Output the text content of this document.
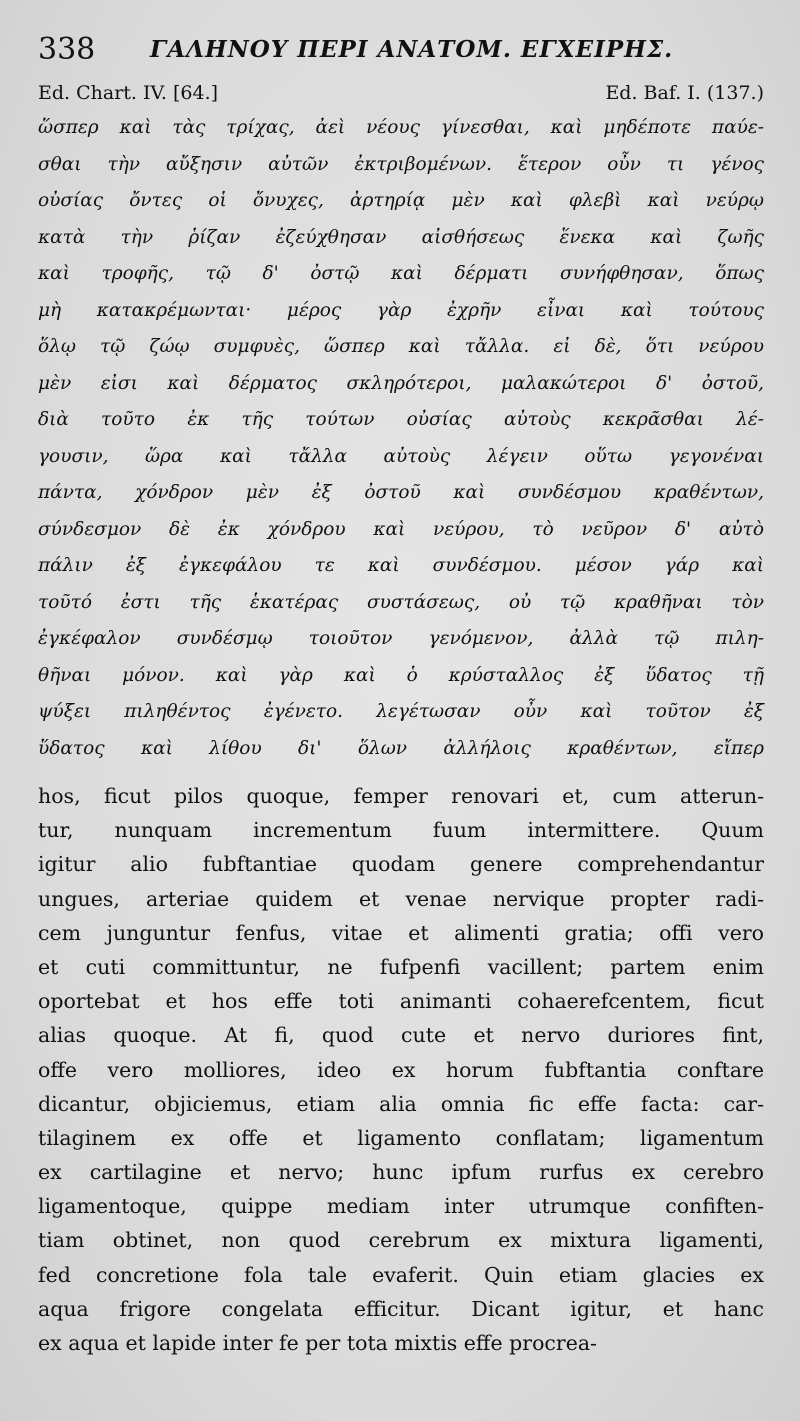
338 ΓΑΛΗΝΟΥ ΠΕΡΙ ΑΝΑΤΟΜ. ΕΓΧΕΙΡΗΣ.
Ed. Chart. IV. [64.]	Ed. Baf. I. (137.)
ὥσπερ καὶ τὰς τρίχας, ἀεὶ νέους γίνεσθαι, καὶ μηδέποτε παύε-
σθαι τὴν αὔξησιν αὐτῶν ἐκτριβομένων. ἕτερον οὖν τι γένος
οὐσίας ὄντες οἱ ὄνυχες, ἀρτηρίᾳ μὲν καὶ φλεβὶ καὶ νεύρῳ
κατὰ τὴν ῥίζαν ἐζεύχθησαν αἰσθήσεως ἕνεκα καὶ ζωῆς
καὶ τροφῆς, τῷ δ' ὀστῷ καὶ δέρματι συνήφθησαν, ὅπως
μὴ κατακρέμωνται· μέρος γὰρ ἐχρῆν εἶναι καὶ τούτους
ὅλῳ τῷ ζώῳ συμφυὲς, ὥσπερ καὶ τἄλλα. εἰ δὲ, ὅτι νεύρου
μὲν εἰσι καὶ δέρματος σκληρότεροι, μαλακώτεροι δ' ὀστοῦ,
διὰ τοῦτο ἐκ τῆς τούτων οὐσίας αὐτοὺς κεκρᾶσθαι λέ-
γουσιν, ὥρα καὶ τἄλλα αὐτοὺς λέγειν οὕτω γεγονέναι
πάντα, χόνδρον μὲν ἐξ ὀστοῦ καὶ συνδέσμου κραθέντων,
σύνδεσμον δὲ ἐκ χόνδρου καὶ νεύρου, τὸ νεῦρον δ' αὐτὸ
πάλιν ἐξ ἐγκεφάλου τε καὶ συνδέσμου. μέσον γάρ καὶ
τοῦτό ἐστι τῆς ἑκατέρας συστάσεως, οὐ τῷ κραθῆναι τὸν
ἐγκέφαλον συνδέσμῳ τοιοῦτον γενόμενον, ἀλλὰ τῷ πιλη-
θῆναι μόνον. καὶ γὰρ καὶ ὁ κρύσταλλος ἐξ ὕδατος τῇ
ψύξει πιληθέντος ἐγένετο. λεγέτωσαν οὖν καὶ τοῦτον ἐξ
ὕδατος καὶ λίθου δι' ὅλων ἀλλήλοις κραθέντων, εἴπερ
hos, ficut pilos quoque, femper renovari et, cum atterun-
tur, nunquam incrementum fuum intermittere. Quum
igitur alio fubftantiae quodam genere comprehendantur
ungues, arteriae quidem et venae nervique propter radi-
cem junguntur fenfus, vitae et alimenti gratia; offi vero
et cuti committuntur, ne fufpenfi vacillent; partem enim
oportebat et hos effe toti animanti cohaerefcentem, ficut
alias quoque. At fi, quod cute et nervo duriores fint,
offe vero molliores, ideo ex horum fubftantia conftare
dicantur, objiciemus, etiam alia omnia fic effe facta: car-
tilaginem ex offe et ligamento conflatam; ligamentum
ex cartilagine et nervo; hunc ipfum rurfus ex cerebro
ligamentoque, quippe mediam inter utrumque confiften-
tiam obtinet, non quod cerebrum ex mixtura ligamenti,
fed concretione fola tale evaferit. Quin etiam glacies ex
aqua frigore congelata efficitur. Dicant igitur, et hanc
ex aqua et lapide inter fe per tota mixtis effe procrea-
